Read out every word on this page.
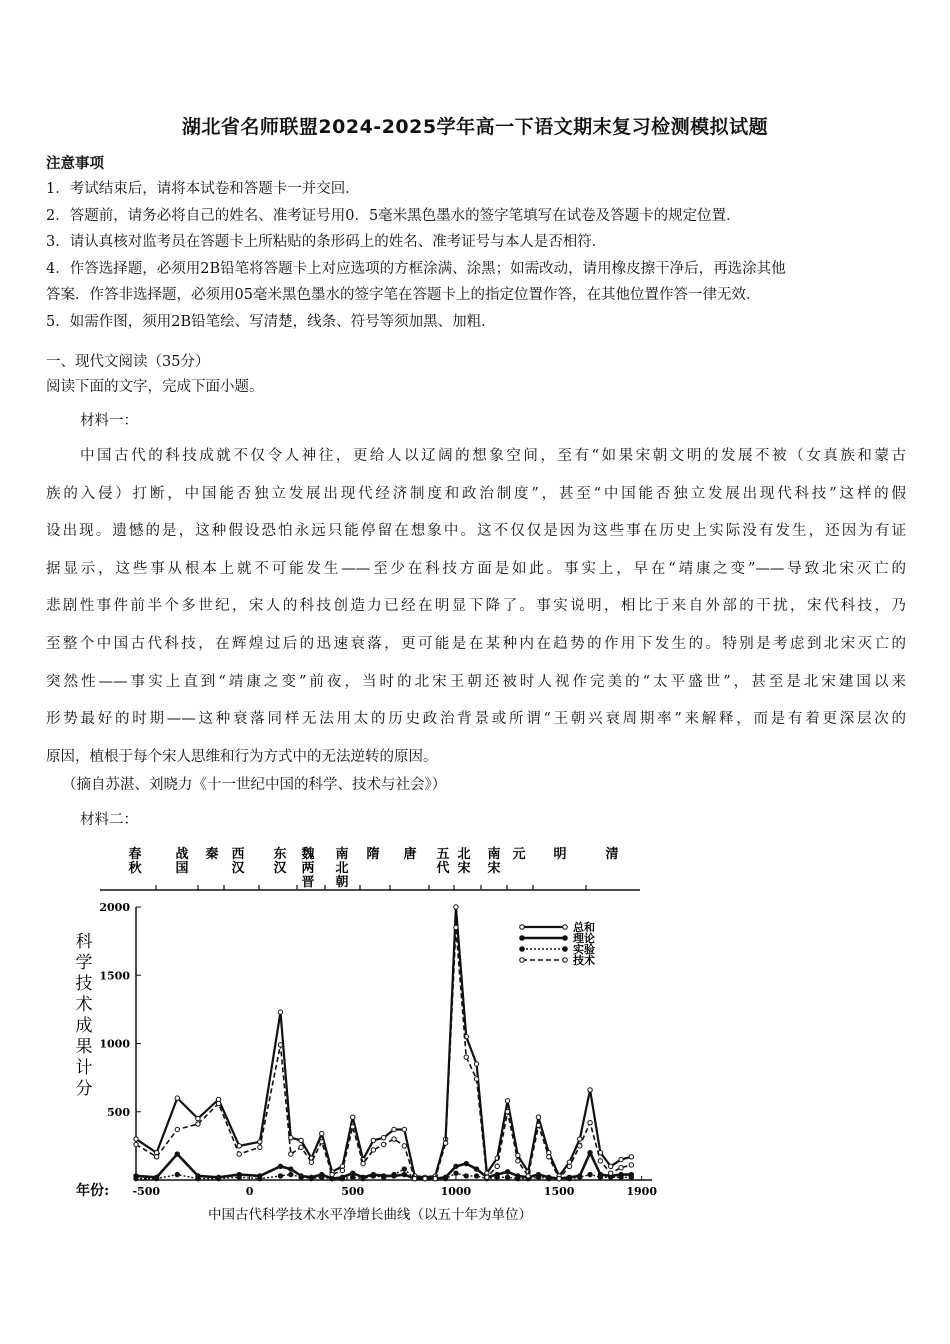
湖北省名师联盟2024-2025学年高一下语文期末复习检测模拟试题
注意事项
1．考试结束后，请将本试卷和答题卡一并交回．
2．答题前，请务必将自己的姓名、准考证号用0．5毫米黑色墨水的签字笔填写在试卷及答题卡的规定位置．
3．请认真核对监考员在答题卡上所粘贴的条形码上的姓名、准考证号与本人是否相符．
4．作答选择题，必须用2B铅笔将答题卡上对应选项的方框涂满、涂黑；如需改动，请用橡皮擦干净后，再选涂其他
答案．作答非选择题，必须用05毫米黑色墨水的签字笔在答题卡上的指定位置作答，在其他位置作答一律无效．
5．如需作图，须用2B铅笔绘、写清楚，线条、符号等须加黑、加粗．
一、现代文阅读（35分）
阅读下面的文字，完成下面小题。
材料一：
中国古代的科技成就不仅令人神往，更给人以辽阔的想象空间，至有“如果宋朝文明的发展不被（女真族和蒙古
族的入侵）打断，中国能否独立发展出现代经济制度和政治制度”，甚至“中国能否独立发展出现代科技”这样的假
设出现。遗憾的是，这种假设恐怕永远只能停留在想象中。这不仅仅是因为这些事在历史上实际没有发生，还因为有证
据显示，这些事从根本上就不可能发生——至少在科技方面是如此。事实上，早在“靖康之变”——导致北宋灭亡的
悲剧性事件前半个多世纪，宋人的科技创造力已经在明显下降了。事实说明，相比于来自外部的干扰，宋代科技，乃
至整个中国古代科技，在辉煌过后的迅速衰落，更可能是在某种内在趋势的作用下发生的。特别是考虑到北宋灭亡的
突然性——事实上直到“靖康之变”前夜，当时的北宋王朝还被时人视作完美的“太平盛世”，甚至是北宋建国以来
形势最好的时期——这种衰落同样无法用太的历史政治背景或所谓“王朝兴衰周期率”来解释，而是有着更深层次的
原因，植根于每个宋人思维和行为方式中的无法逆转的原因。
（摘自苏湛、刘晓力《十一世纪中国的科学、技术与社会》）
材料二：
春
秋
战
国
秦 西
汉
东
汉
魏
两
晋
南
北
朝
隋 唐 五
代
北
宋
南
宋
元 明	清
500
1000
1500
2000
-500	0	500	1000	1500	1900
年份:
科
学
技
术
成
果
计
分
总和
理论
实验
技术
中国古代科学技术水平净增长曲线（以五十年为单位）
